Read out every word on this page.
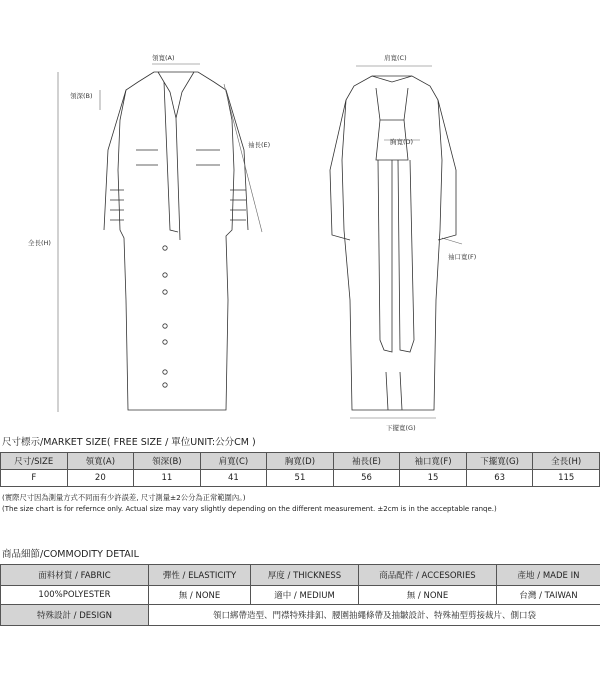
領寬(A)
領深(B)
袖長(E)
全長(H)
肩寬(C)
胸寬(D)
袖口寬(F)
下擺寬(G)
尺寸標示/MARKET SIZE( FREE SIZE / 單位UNIT:公分CM )
尺寸/SIZE	領寬(A)	領深(B)	肩寬(C)	胸寬(D)	袖長(E)	袖口寬(F)	下擺寬(G)	全長(H)
F	20	11	41	51	56	15	63	115
(實際尺寸因為測量方式不同而有少許誤差, 尺寸測量±2公分為正常範圍內。)
(The size chart is for refernce only. Actual size may vary slightly depending on the different measurement. ±2cm is in the acceptable ranqe.)
商品細節/COMMODITY DETAIL
面料材質 / FABRIC	彈性 / ELASTICITY	厚度 / THICKNESS	商品配件 / ACCESORIES	產地 / MADE IN
100%POLYESTER	無 / NONE	適中 / MEDIUM	無 / NONE	台灣 / TAIWAN
特殊設計 / DESIGN	領口綁帶造型、門襟特殊排釦、腰圍抽繩條帶及抽皺設計、特殊袖型剪接裁片、側口袋			
